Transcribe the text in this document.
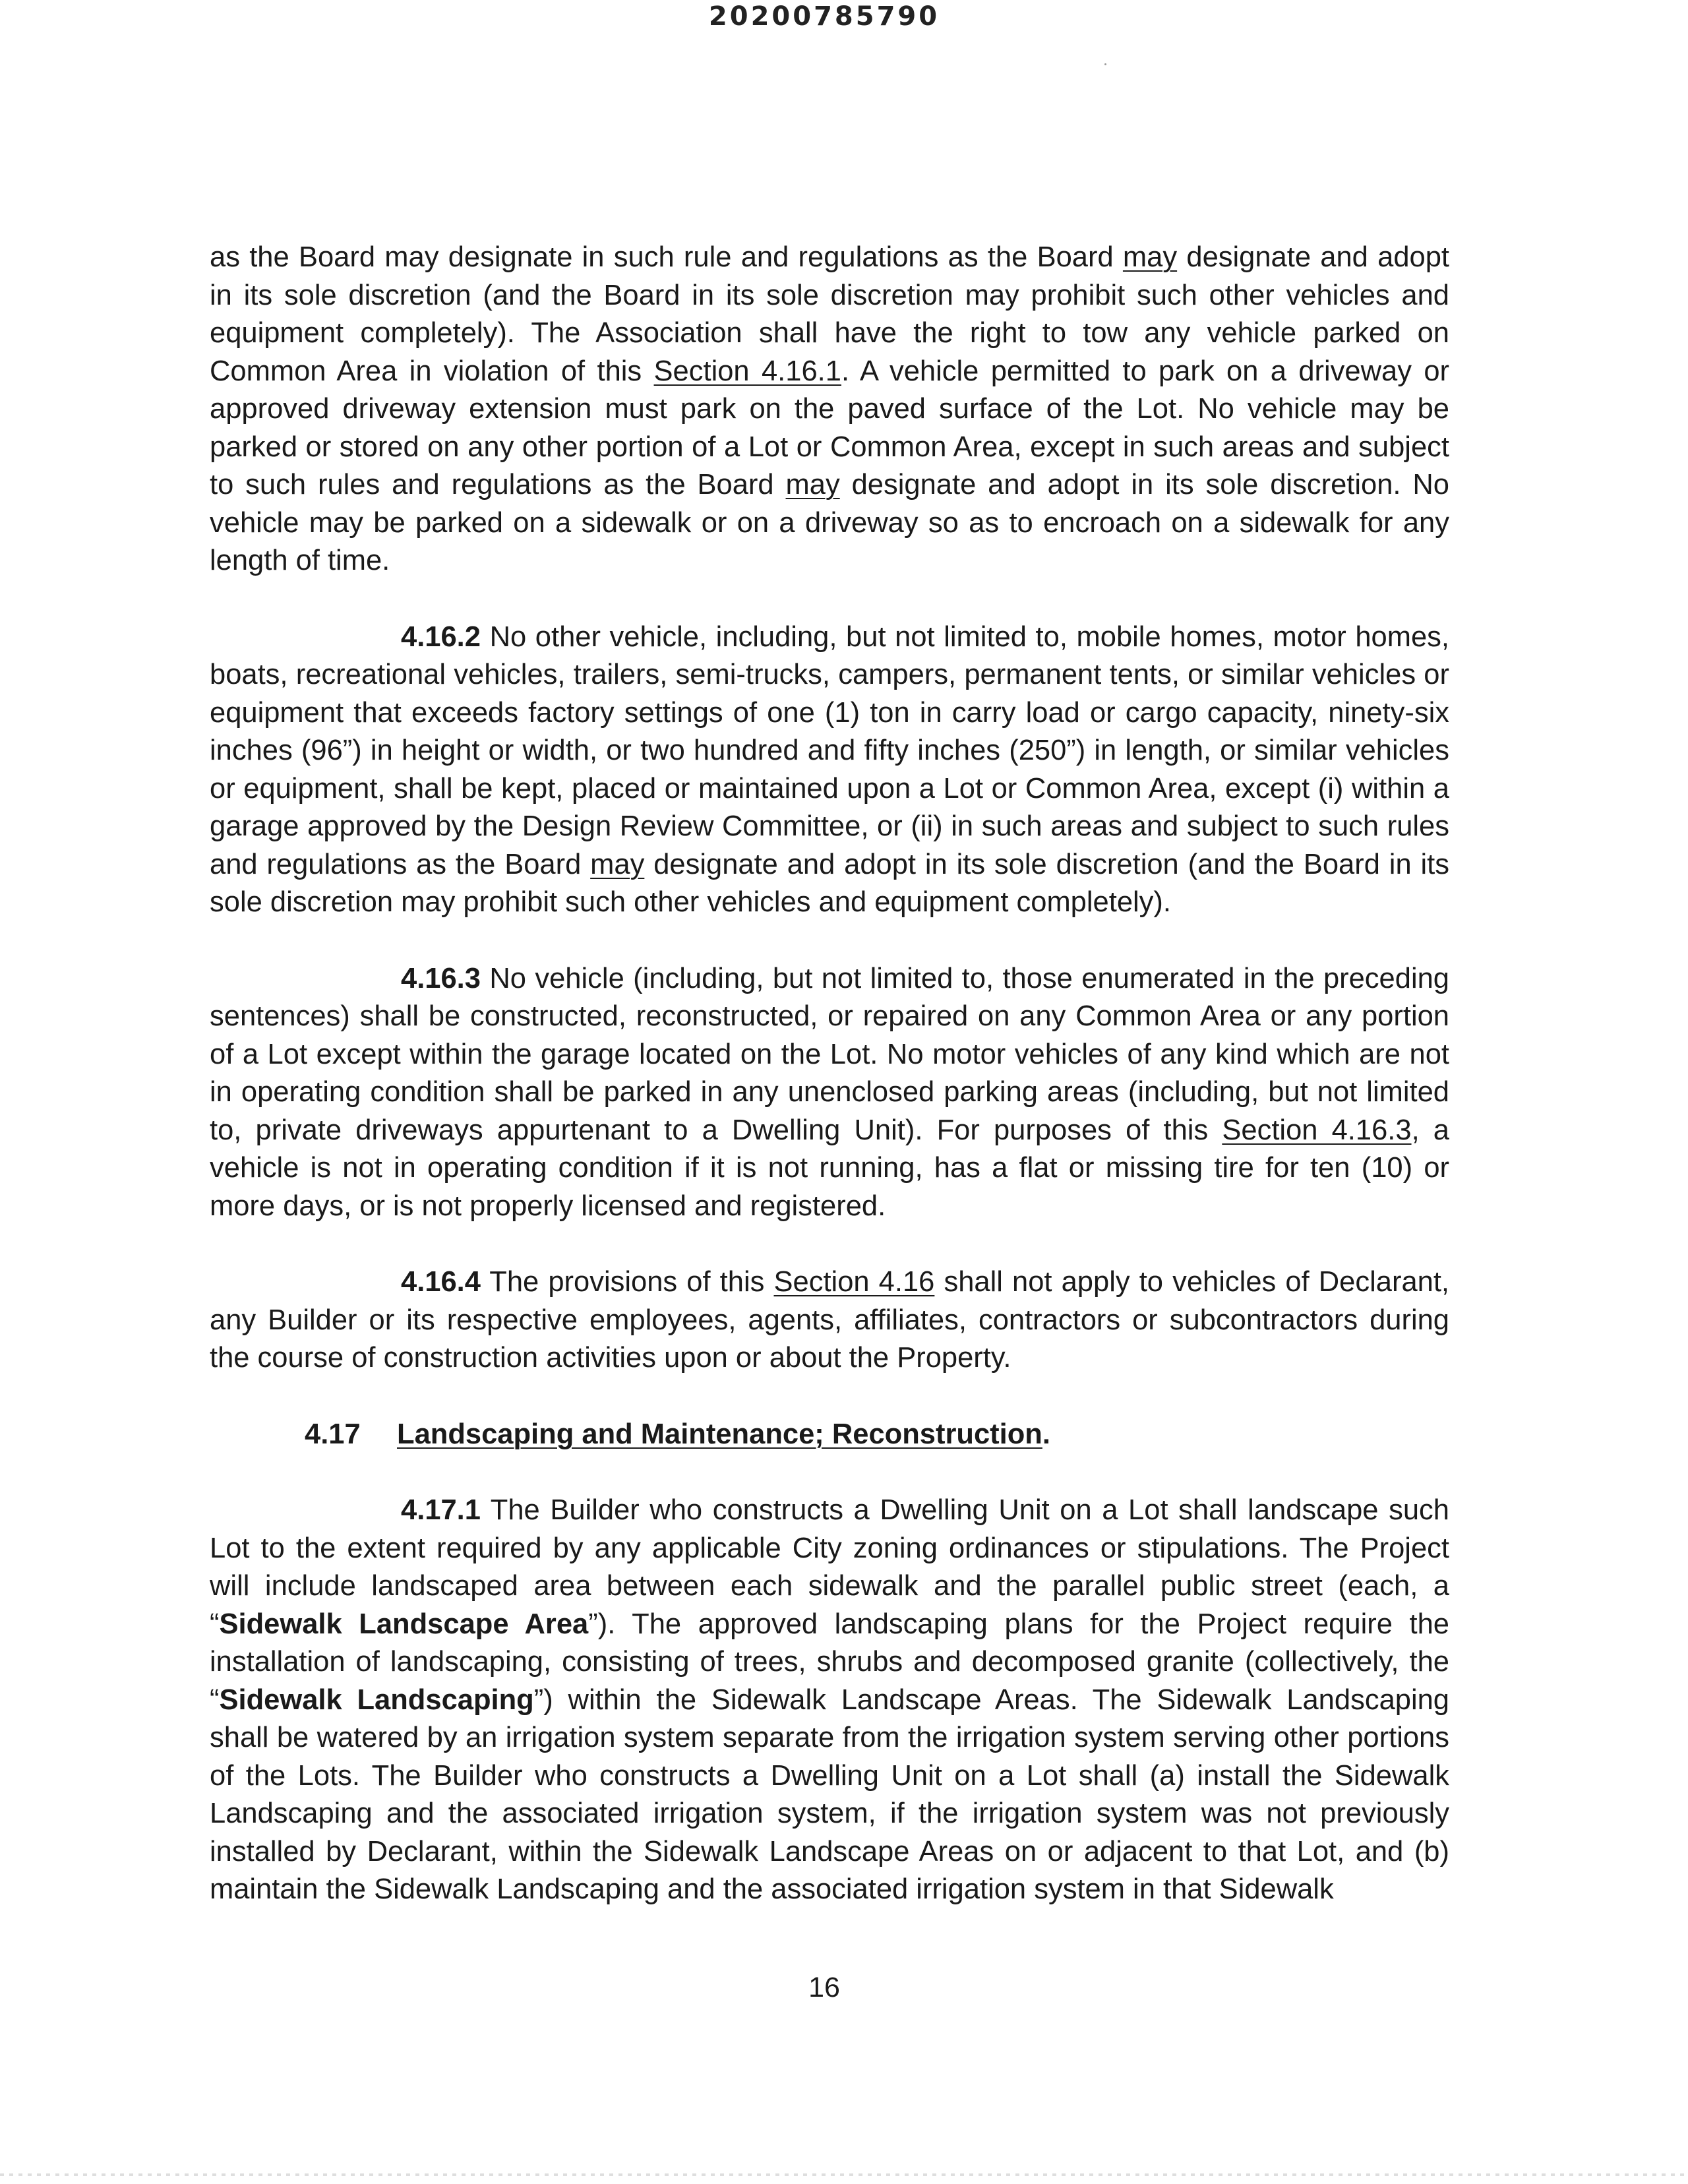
20200785790

as the Board may designate in such rule and regulations as the Board may designate and adopt in its sole discretion (and the Board in its sole discretion may prohibit such other vehicles and equipment completely). The Association shall have the right to tow any vehicle parked on Common Area in violation of this Section 4.16.1. A vehicle permitted to park on a driveway or approved driveway extension must park on the paved surface of the Lot. No vehicle may be parked or stored on any other portion of a Lot or Common Area, except in such areas and subject to such rules and regulations as the Board may designate and adopt in its sole discretion. No vehicle may be parked on a sidewalk or on a driveway so as to encroach on a sidewalk for any length of time.

4.16.2 No other vehicle, including, but not limited to, mobile homes, motor homes, boats, recreational vehicles, trailers, semi-trucks, campers, permanent tents, or similar vehicles or equipment that exceeds factory settings of one (1) ton in carry load or cargo capacity, ninety-six inches (96”) in height or width, or two hundred and fifty inches (250”) in length, or similar vehicles or equipment, shall be kept, placed or maintained upon a Lot or Common Area, except (i) within a garage approved by the Design Review Committee, or (ii) in such areas and subject to such rules and regulations as the Board may designate and adopt in its sole discretion (and the Board in its sole discretion may prohibit such other vehicles and equipment completely).

4.16.3 No vehicle (including, but not limited to, those enumerated in the preceding sentences) shall be constructed, reconstructed, or repaired on any Common Area or any portion of a Lot except within the garage located on the Lot. No motor vehicles of any kind which are not in operating condition shall be parked in any unenclosed parking areas (including, but not limited to, private driveways appurtenant to a Dwelling Unit). For purposes of this Section 4.16.3, a vehicle is not in operating condition if it is not running, has a flat or missing tire for ten (10) or more days, or is not properly licensed and registered.

4.16.4 The provisions of this Section 4.16 shall not apply to vehicles of Declarant, any Builder or its respective employees, agents, affiliates, contractors or subcontractors during the course of construction activities upon or about the Property.

4.17 Landscaping and Maintenance; Reconstruction.

4.17.1 The Builder who constructs a Dwelling Unit on a Lot shall landscape such Lot to the extent required by any applicable City zoning ordinances or stipulations. The Project will include landscaped area between each sidewalk and the parallel public street (each, a “Sidewalk Landscape Area”). The approved landscaping plans for the Project require the installation of landscaping, consisting of trees, shrubs and decomposed granite (collectively, the “Sidewalk Landscaping”) within the Sidewalk Landscape Areas. The Sidewalk Landscaping shall be watered by an irrigation system separate from the irrigation system serving other portions of the Lots. The Builder who constructs a Dwelling Unit on a Lot shall (a) install the Sidewalk Landscaping and the associated irrigation system, if the irrigation system was not previously installed by Declarant, within the Sidewalk Landscape Areas on or adjacent to that Lot, and (b) maintain the Sidewalk Landscaping and the associated irrigation system in that Sidewalk

16
